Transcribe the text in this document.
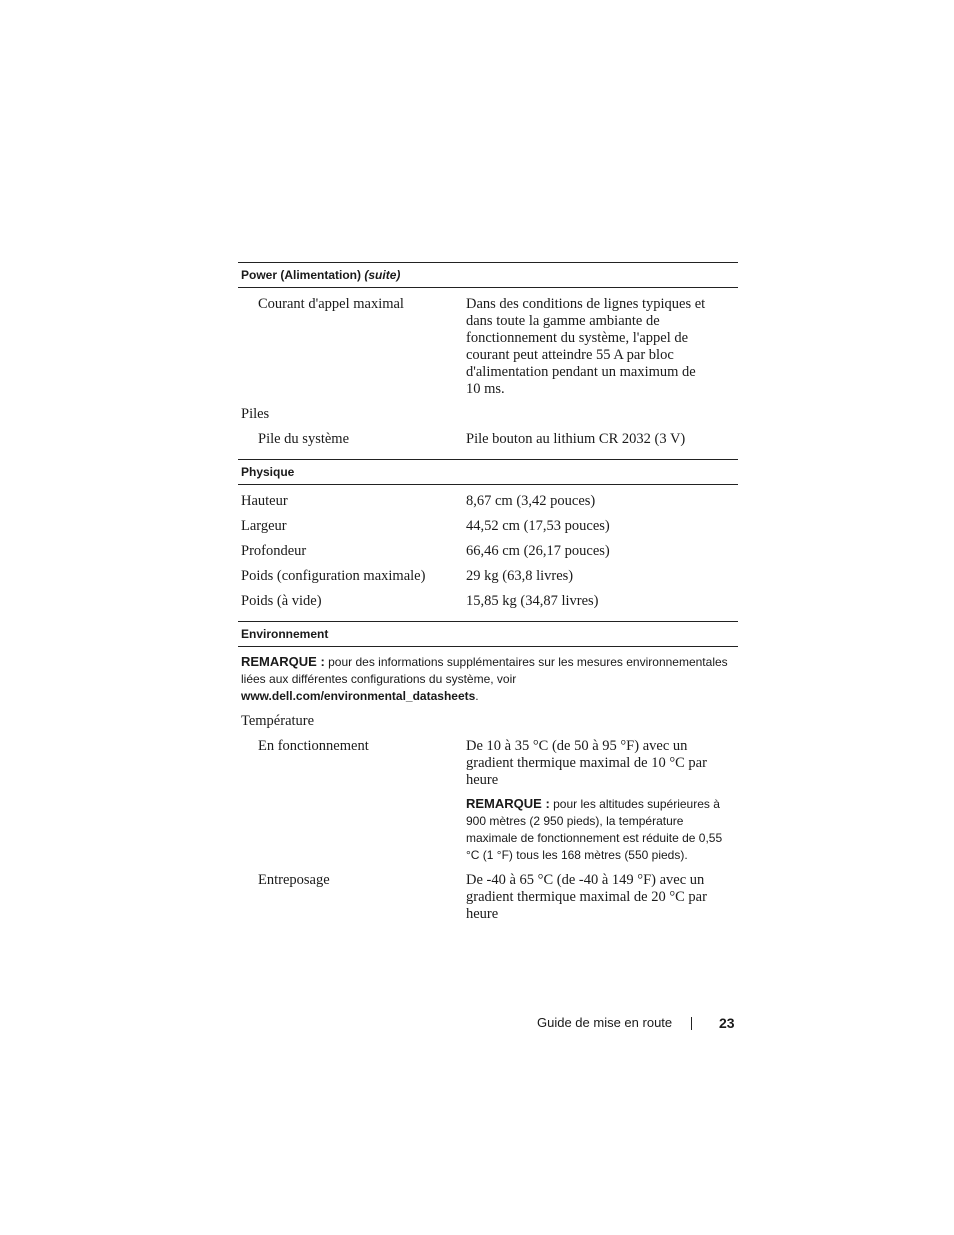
Power (Alimentation) (suite)
Courant d'appel maximal	Dans des conditions de lignes typiques et dans toute la gamme ambiante de fonctionnement du système, l'appel de courant peut atteindre 55 A par bloc d'alimentation pendant un maximum de 10 ms.
Piles
Pile du système	Pile bouton au lithium CR 2032 (3 V)
Physique
Hauteur	8,67 cm (3,42 pouces)
Largeur	44,52 cm (17,53 pouces)
Profondeur	66,46 cm (26,17 pouces)
Poids (configuration maximale)	29 kg (63,8 livres)
Poids (à vide)	15,85 kg (34,87 livres)
Environnement
REMARQUE : pour des informations supplémentaires sur les mesures environnementales liées aux différentes configurations du système, voir www.dell.com/environmental_datasheets.
Température
En fonctionnement	De 10 à 35 °C (de 50 à 95 °F) avec un gradient thermique maximal de 10 °C par heure
REMARQUE : pour les altitudes supérieures à 900 mètres (2 950 pieds), la température maximale de fonctionnement est réduite de 0,55 °C (1 °F) tous les 168 mètres (550 pieds).
Entreposage	De -40 à 65 °C (de -40 à 149 °F) avec un gradient thermique maximal de 20 °C par heure
Guide de mise en route	23
